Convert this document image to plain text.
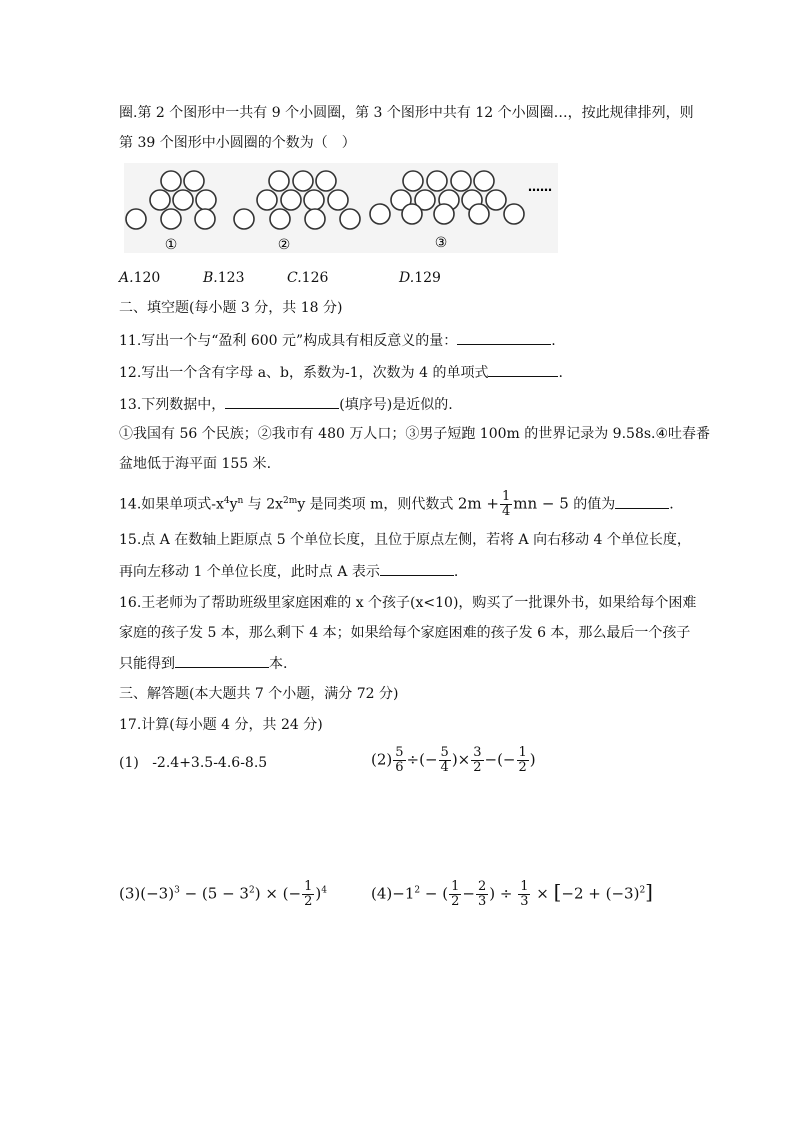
圈.第 2 个图形中一共有 9 个小圆圈，第 3 个图形中共有 12 个小圆圈…，按此规律排列，则
第 39 个图形中小圆圈的个数为（　）
①	②	③
……
A.120	B.123	C.126	D.129
二、填空题(每小题 3 分，共 18 分)
11.写出一个与“盈利 600 元”构成具有相反意义的量：	.
12.写出一个含有字母 a、b，系数为-1，次数为 4 的单项式	.
13.下列数据中，	(填序号)是近似的.
①我国有 56 个民族；②我市有 480 万人口；③男子短跑 100m 的世界记录为 9.58s.④吐春番
盆地低于海平面 155 米.
14.如果单项式$-x^4y^n$ 与 $2x^{2m}y$ 是同类项 m，则代数式 $2m + \frac{1}{4}$ mn − 5 的值为	.
15.点 A 在数轴上距原点 5 个单位长度，且位于原点左侧，若将 A 向右移动 4 个单位长度，
再向左移动 1 个单位长度，此时点 A 表示	.
16.王老师为了帮助班级里家庭困难的 x 个孩子(x<10)，购买了一批课外书，如果给每个困难
家庭的孩子发 5 本，那么剩下 4 本；如果给每个家庭困难的孩子发 6 本，那么最后一个孩子
只能得到	本.
三、解答题(本大题共 7 个小题，满分 72 分)
17.计算(每小题 4 分，共 24 分)
(1) -2.4+3.5-4.6-8.5	$(2) \frac{5}{6}$ ÷(− $\frac{5}{4}$ )× $\frac{3}{2}$ −(− $\frac{1}{2}$ )
$(3)(-3)^3 - (5 - 3^2)$ × (− $\frac{1}{2} )^4$	$(4)-1^2$ − ( $\frac{1}{2} - \frac{2}{3}$ ) ÷ $\frac{1}{3} \times [-2 + (-3)^2]$
